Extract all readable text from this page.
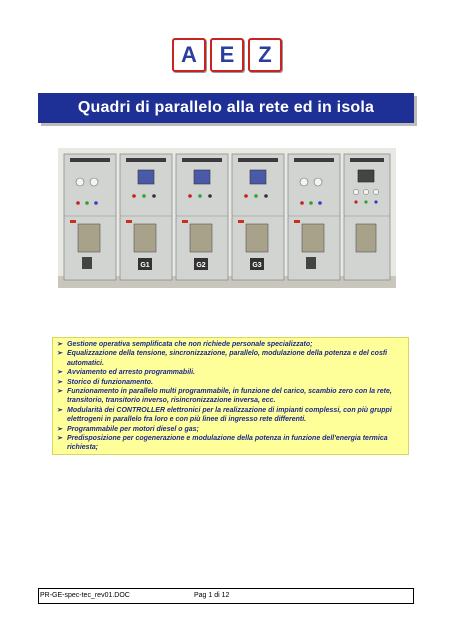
A	E	Z
Quadri di parallelo alla rete ed in isola
G1	G2	G3
➢ Gestione operativa semplificata che non richiede personale specializzato;
➢ Equalizzazione della tensione, sincronizzazione, parallelo, modulazione della potenza e del cosfi automatici.
➢ Avviamento ed arresto programmabili.
➢ Storico di funzionamento.
➢ Funzionamento in parallelo multi programmabile, in funzione del carico, scambio zero con la rete, transitorio, transitorio inverso, risincronizzazione inversa, ecc.
➢ Modularità dei CONTROLLER elettronici per la realizzazione di impianti complessi, con più gruppi elettrogeni in parallelo fra loro e con più linee di ingresso rete differenti.
➢ Programmabile per motori diesel o gas;
➢ Predisposizione per cogenerazione e modulazione della potenza in funzione dell'energia termica richiesta;
PR-GE-spec-tec_rev01.DOC	Pag 1 di 12
